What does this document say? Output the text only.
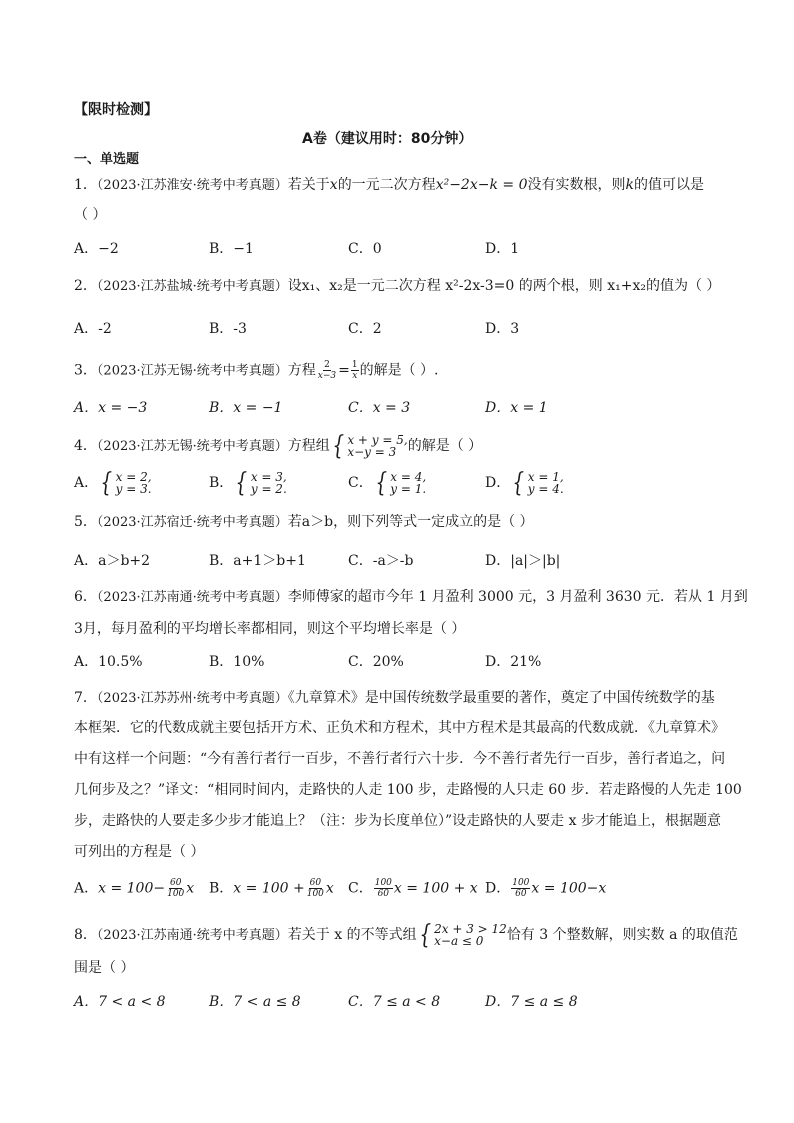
【限时检测】
A卷（建议用时：80分钟）
一、单选题
1．（2023·江苏淮安·统考中考真题）若关于x的一元二次方程x²−2x−k = 0没有实数根，则k的值可以是
（ ）
A．−2	B．−1	C．0	D．1
2．（2023·江苏盐城·统考中考真题）设x₁、x₂是一元二次方程 x²-2x-3=0 的两个根，则 x₁+x₂的值为（ ）
A．-2	B．-3	C．2	D．3
3．（2023·江苏无锡·统考中考真题）方程 $\frac{2}{x-3} = \frac{1}{x}$ 的解是（ ）.
A．x = −3	B．x = −1	C．x = 3	D．x = 1
4．（2023·江苏无锡·统考中考真题）方程组 { x + y = 5,
x−y = 3 的解是（ ）
A． { x = 2,
y = 3.	B． { x = 3,
y = 2.	C． { x = 4,
y = 1.	D． { x = 1,
y = 4.
5．（2023·江苏宿迁·统考中考真题）若a＞b，则下列等式一定成立的是（ ）
A．a＞b+2	B．a+1＞b+1	C．-a＞-b	D．|a|＞|b|
6．（2023·江苏南通·统考中考真题）李师傅家的超市今年 1 月盈利 3000 元，3 月盈利 3630 元．若从 1 月到
3月，每月盈利的平均增长率都相同，则这个平均增长率是（ ）
A．10.5%	B．10%	C．20%	D．21%
7．（2023·江苏苏州·统考中考真题）《九章算术》是中国传统数学最重要的著作，奠定了中国传统数学的基
本框架．它的代数成就主要包括开方术、正负术和方程术，其中方程术是其最高的代数成就．《九章算术》
中有这样一个问题：“今有善行者行一百步，不善行者行六十步．今不善行者先行一百步，善行者追之，问
几何步及之？”译文：“相同时间内，走路快的人走 100 步，走路慢的人只走 60 步．若走路慢的人先走 100
步，走路快的人要走多少步才能追上？（注：步为长度单位）”设走路快的人要走 x 步才能追上，根据题意
可列出的方程是（ ）
A．$x = 100- \frac{60}{100}$ x B．$x = 100 + \frac{60}{100}$ x C． $\frac{100}{60}$ x = 100 + x D． $\frac{100}{60}$ x = 100−x
8．（2023·江苏南通·统考中考真题）若关于 x 的不等式组 { 2x + 3 > 12
x−a ≤ 0	恰有 3 个整数解，则实数 a 的取值范
围是（ ）
A．7 < a < 8	B．7 < a ≤ 8	C．7 ≤ a < 8	D．7 ≤ a ≤ 8
